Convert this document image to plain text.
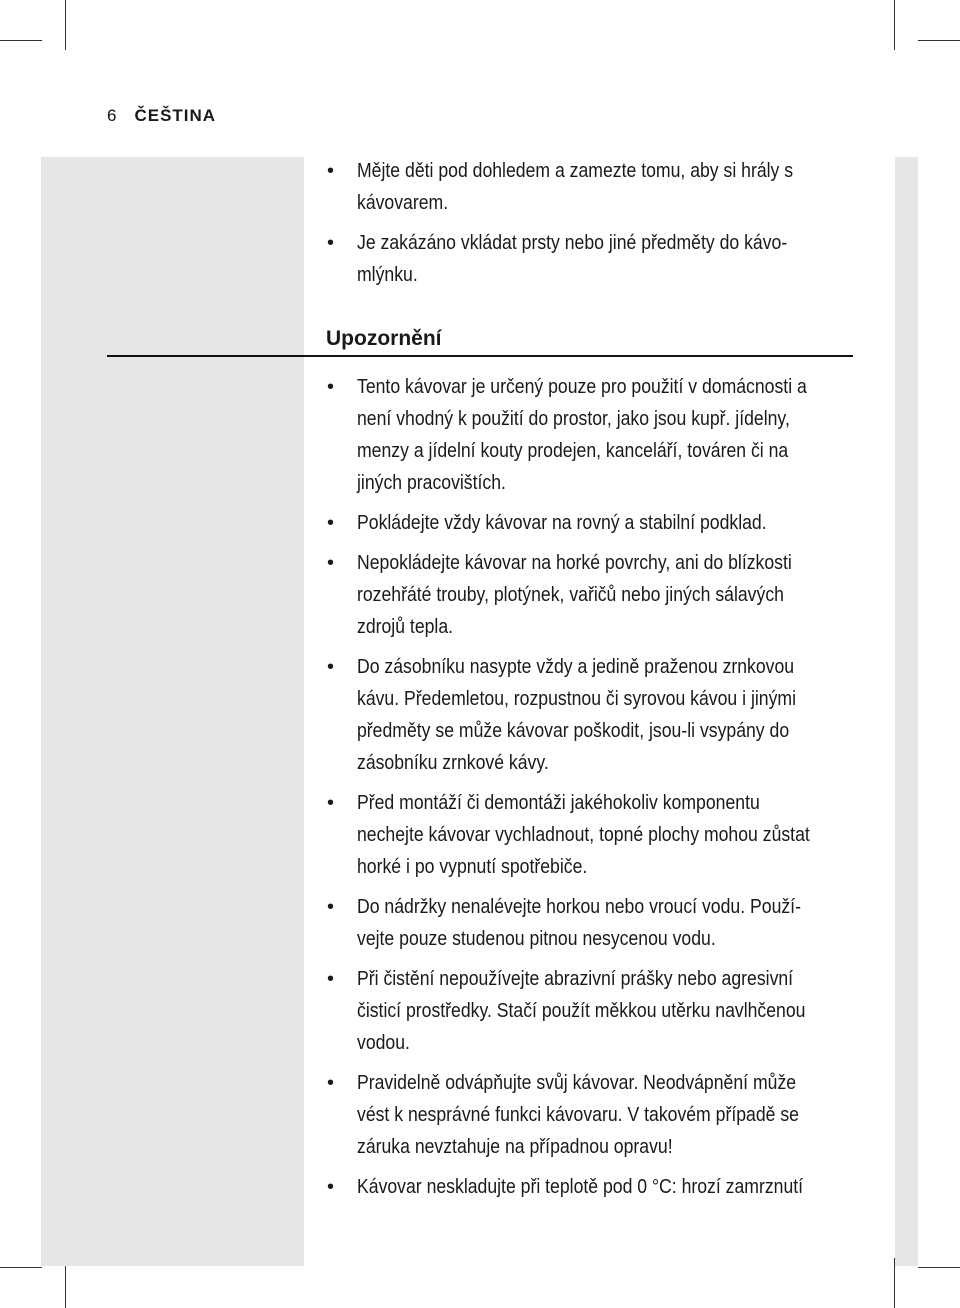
6 ČEŠTINA
• Mějte děti pod dohledem a zamezte tomu, aby si hrály s
kávovarem.
• Je zakázáno vkládat prsty nebo jiné předměty do kávo-
mlýnku.
Upozornění
• Tento kávovar je určený pouze pro použití v domácnosti a
není vhodný k použití do prostor, jako jsou kupř. jídelny,
menzy a jídelní kouty prodejen, kanceláří, továren či na
jiných pracovištích.
• Pokládejte vždy kávovar na rovný a stabilní podklad.
• Nepokládejte kávovar na horké povrchy, ani do blízkosti
rozehřáté trouby, plotýnek, vařičů nebo jiných sálavých
zdrojů tepla.
• Do zásobníku nasypte vždy a jedině praženou zrnkovou
kávu. Předemletou, rozpustnou či syrovou kávou i jinými
předměty se může kávovar poškodit, jsou-li vsypány do
zásobníku zrnkové kávy.
• Před montáží či demontáži jakéhokoliv komponentu
nechejte kávovar vychladnout, topné plochy mohou zůstat
horké i po vypnutí spotřebiče.
• Do nádržky nenalévejte horkou nebo vroucí vodu. Použí-
vejte pouze studenou pitnou nesycenou vodu.
• Při čistění nepoužívejte abrazivní prášky nebo agresivní
čisticí prostředky. Stačí použít měkkou utěrku navlhčenou
vodou.
• Pravidelně odvápňujte svůj kávovar. Neodvápnění může
vést k nesprávné funkci kávovaru. V takovém případě se
záruka nevztahuje na případnou opravu!
• Kávovar neskladujte při teplotě pod 0 °C: hrozí zamrznutí
